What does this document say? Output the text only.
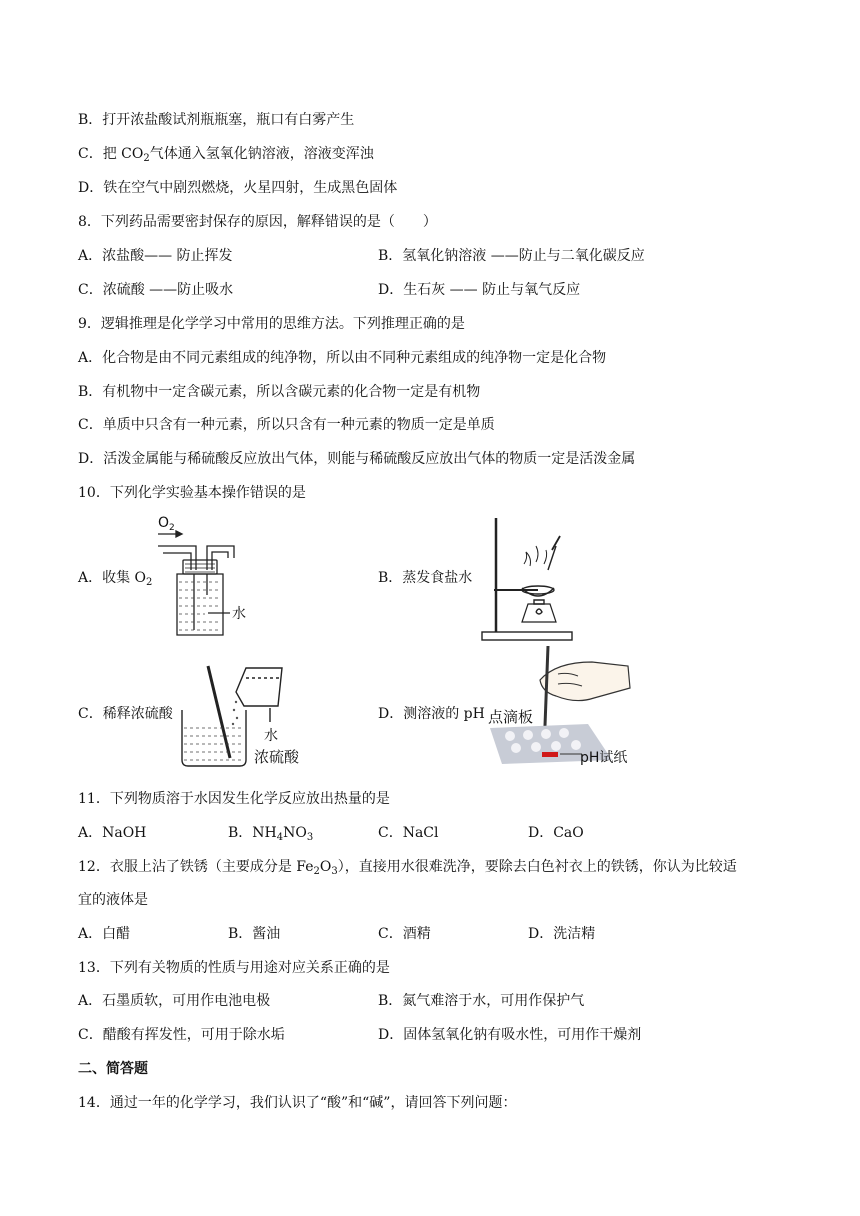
B．打开浓盐酸试剂瓶瓶塞，瓶口有白雾产生
C．把 $CO_2$气体通入氢氧化钠溶液，溶液变浑浊
D．铁在空气中剧烈燃烧，火星四射，生成黑色固体
8．下列药品需要密封保存的原因，解释错误的是（　　）
A．浓盐酸—— 防止挥发	B．氢氧化钠溶液 ——防止与二氧化碳反应
C．浓硫酸 ——防止吸水	D．生石灰 —— 防止与氧气反应
9．逻辑推理是化学学习中常用的思维方法。下列推理正确的是
A．化合物是由不同元素组成的纯净物，所以由不同种元素组成的纯净物一定是化合物
B．有机物中一定含碳元素，所以含碳元素的化合物一定是有机物
C．单质中只含有一种元素，所以只含有一种元素的物质一定是单质
D．活泼金属能与稀硫酸反应放出气体，则能与稀硫酸反应放出气体的物质一定是活泼金属
10．下列化学实验基本操作错误的是
A．收集 $O_2$	B．蒸发食盐水
C．稀释浓硫酸	D．测溶液的 pH
$O_2$
水
水
浓硫酸
点滴板
pH试纸
11．下列物质溶于水因发生化学反应放出热量的是
A．NaOH	B．$NH_4NO_3$	C．NaCl	D．CaO
12．衣服上沾了铁锈（主要成分是 $Fe_2O_3$），直接用水很难洗净，要除去白色衬衣上的铁锈，你认为比较适
宜的液体是
A．白醋	B．酱油	C．酒精	D．洗洁精
13．下列有关物质的性质与用途对应关系正确的是
A．石墨质软，可用作电池电极	B．氮气难溶于水，可用作保护气
C．醋酸有挥发性，可用于除水垢	D．固体氢氧化钠有吸水性，可用作干燥剂
二、简答题
14．通过一年的化学学习，我们认识了“酸”和“碱”，请回答下列问题：
